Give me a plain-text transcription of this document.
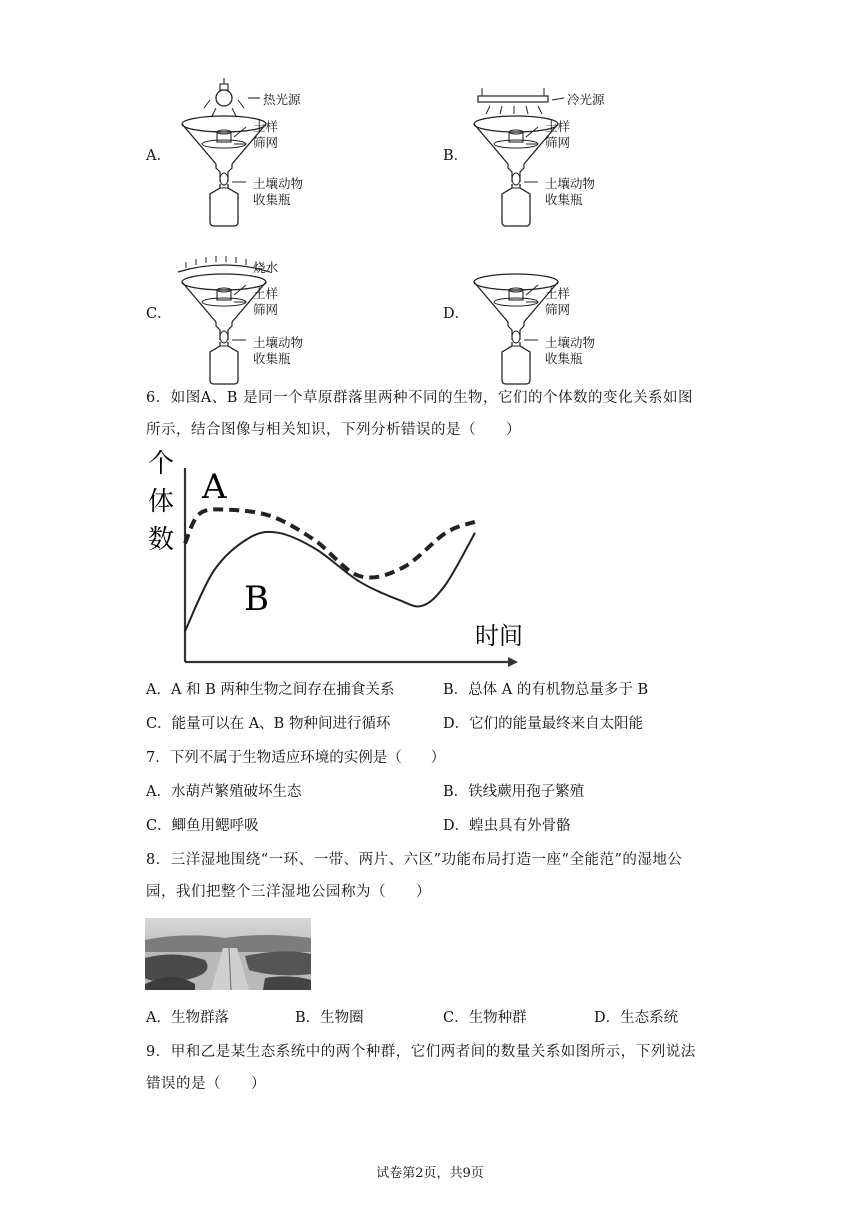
A．
热光源
土样
筛网
土壤动物
收集瓶
B．
冷光源
土样
筛网
土壤动物
收集瓶
C．
烧水
土样
筛网
土壤动物
收集瓶
D．
土样
筛网
土壤动物
收集瓶
6．如图A、B 是同一个草原群落里两种不同的生物，它们的个体数的变化关系如图所示，结合图像与相关知识，下列分析错误的是（　　）
个
体
数
时间
A
B
A．A 和 B 两种生物之间存在捕食关系	B．总体 A 的有机物总量多于 B
C．能量可以在 A、B 物种间进行循环	D．它们的能量最终来自太阳能
7．下列不属于生物适应环境的实例是（　　）
A．水葫芦繁殖破坏生态	B．铁线蕨用孢子繁殖
C．鲫鱼用鳃呼吸	D．蝗虫具有外骨骼
8．三洋湿地围绕“一环、一带、两片、六区”功能布局打造一座“全能范”的湿地公园，我们把整个三洋湿地公园称为（　　）
A．生物群落	B．生物圈	C．生物种群	D．生态系统
9．甲和乙是某生态系统中的两个种群，它们两者间的数量关系如图所示，下列说法错误的是（　　）
试卷第2页，共9页
